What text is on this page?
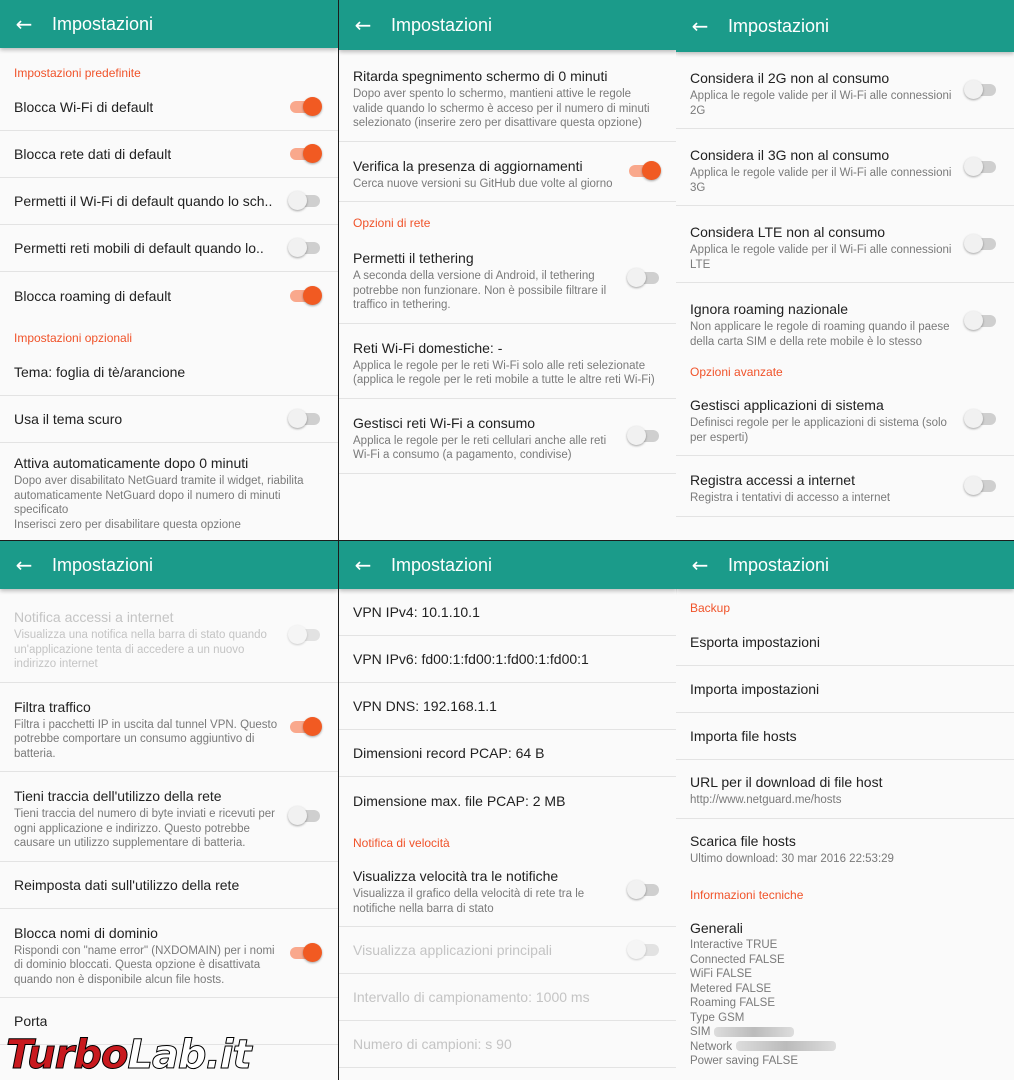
←	Impostazioni
Impostazioni predefinite
Blocca Wi-Fi di default
Blocca rete dati di default
Permetti il Wi-Fi di default quando lo sch..
Permetti reti mobili di default quando lo..
Blocca roaming di default
Impostazioni opzionali
Tema: foglia di tè/arancione
Usa il tema scuro
Attiva automaticamente dopo 0 minuti
Dopo aver disabilitato NetGuard tramite il widget, riabilita automaticamente NetGuard dopo il numero di minuti specificato
Inserisci zero per disabilitare questa opzione
←	Impostazioni
Ritarda spegnimento schermo di 0 minuti
Dopo aver spento lo schermo, mantieni attive le regole valide quando lo schermo è acceso per il numero di minuti selezionato (inserire zero per disattivare questa opzione)
Verifica la presenza di aggiornamenti
Cerca nuove versioni su GitHub due volte al giorno
Opzioni di rete
Permetti il tethering
A seconda della versione di Android, il tethering potrebbe non funzionare. Non è possibile filtrare il traffico in tethering.
Reti Wi-Fi domestiche: -
Applica le regole per le reti Wi-Fi solo alle reti selezionate (applica le regole per le reti mobile a tutte le altre reti Wi-Fi)
Gestisci reti Wi-Fi a consumo
Applica le regole per le reti cellulari anche alle reti Wi-Fi a consumo (a pagamento, condivise)
←	Impostazioni
Considera il 2G non al consumo
Applica le regole valide per il Wi-Fi alle connessioni 2G
Considera il 3G non al consumo
Applica le regole valide per il Wi-Fi alle connessioni 3G
Considera LTE non al consumo
Applica le regole valide per il Wi-Fi alle connessioni LTE
Ignora roaming nazionale
Non applicare le regole di roaming quando il paese della carta SIM e della rete mobile è lo stesso
Opzioni avanzate
Gestisci applicazioni di sistema
Definisci regole per le applicazioni di sistema (solo per esperti)
Registra accessi a internet
Registra i tentativi di accesso a internet
←	Impostazioni
Notifica accessi a internet
Visualizza una notifica nella barra di stato quando un'applicazione tenta di accedere a un nuovo indirizzo internet
Filtra traffico
Filtra i pacchetti IP in uscita dal tunnel VPN. Questo potrebbe comportare un consumo aggiuntivo di batteria.
Tieni traccia dell'utilizzo della rete
Tieni traccia del numero di byte inviati e ricevuti per ogni applicazione e indirizzo. Questo potrebbe causare un utilizzo supplementare di batteria.
Reimposta dati sull'utilizzo della rete
Blocca nomi di dominio
Rispondi con "name error" (NXDOMAIN) per i nomi di dominio bloccati. Questa opzione è disattivata quando non è disponibile alcun file hosts.
Porta
←	Impostazioni
VPN IPv4: 10.1.10.1
VPN IPv6: fd00:1:fd00:1:fd00:1:fd00:1
VPN DNS: 192.168.1.1
Dimensioni record PCAP: 64 B
Dimensione max. file PCAP: 2 MB
Notifica di velocità
Visualizza velocità tra le notifiche
Visualizza il grafico della velocità di rete tra le notifiche nella barra di stato
Visualizza applicazioni principali
Intervallo di campionamento: 1000 ms
Numero di campioni: s 90
←	Impostazioni
Backup
Esporta impostazioni
Importa impostazioni
Importa file hosts
URL per il download di file host
http://www.netguard.me/hosts
Scarica file hosts
Ultimo download: 30 mar 2016 22:53:29
Informazioni tecniche
Generali
Interactive TRUE
Connected FALSE
WiFi FALSE
Metered FALSE
Roaming FALSE
Type GSM
SIM
Network
Power saving FALSE
Turbo Lab.it
